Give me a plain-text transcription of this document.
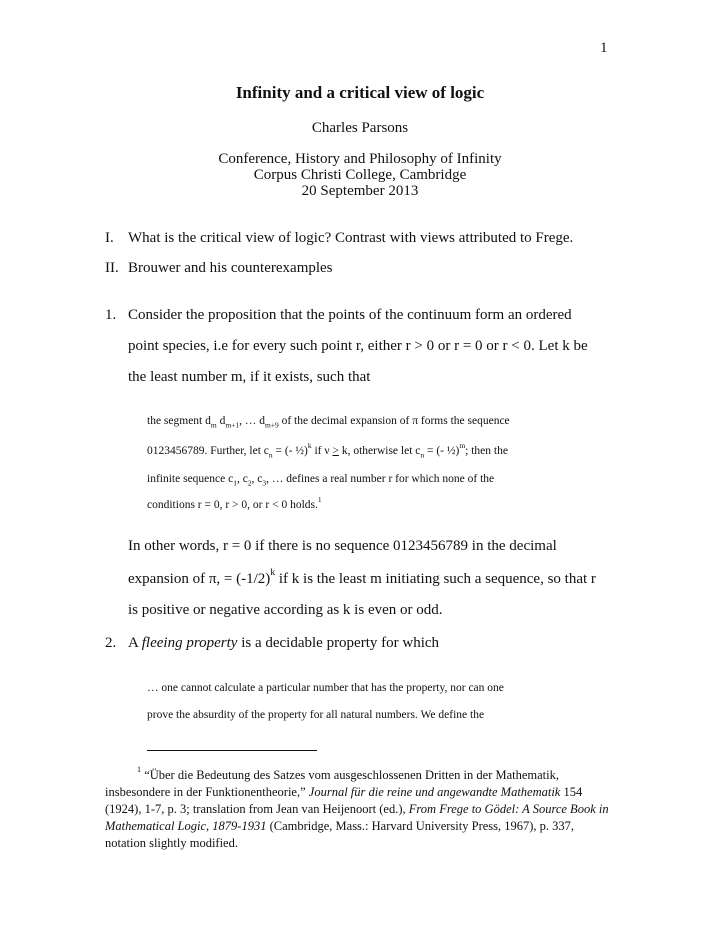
1
Infinity and a critical view of logic
Charles Parsons
Conference, History and Philosophy of Infinity
Corpus Christi College, Cambridge
20 September 2013
I. What is the critical view of logic? Contrast with views attributed to Frege.
II. Brouwer and his counterexamples
1. Consider the proposition that the points of the continuum form an ordered
point species, i.e for every such point r, either r > 0 or r = 0 or r < 0. Let k be
the least number m, if it exists, such that
the segment $d_m$ $d_{m+1}$, … $d_{m+9}$ of the decimal expansion of π forms the sequence
0123456789. Further, let $c_n$ = (- ½)$^k$ if ν > k, otherwise let $c_n$ = (- ½)$^m$; then the
infinite sequence $c_1$, $c_2$, $c_3$, … defines a real number r for which none of the
conditions r = 0, r > 0, or r < 0 holds.$^1$
In other words, r = 0 if there is no sequence 0123456789 in the decimal
expansion of π, = $(-1/2)^k$ if k is the least m initiating such a sequence, so that r
is positive or negative according as k is even or odd.
2. A fleeing property is a decidable property for which
… one cannot calculate a particular number that has the property, nor can one
prove the absurdity of the property for all natural numbers. We define the
$^1$ “Über die Bedeutung des Satzes vom ausgeschlossenen Dritten in der Mathematik,
insbesondere in der Funktionentheorie,” Journal für die reine und angewandte Mathematik 154
(1924), 1-7, p. 3; translation from Jean van Heijenoort (ed.), From Frege to Gödel: A Source Book in
Mathematical Logic, 1879-1931 (Cambridge, Mass.: Harvard University Press, 1967), p. 337,
notation slightly modified.
